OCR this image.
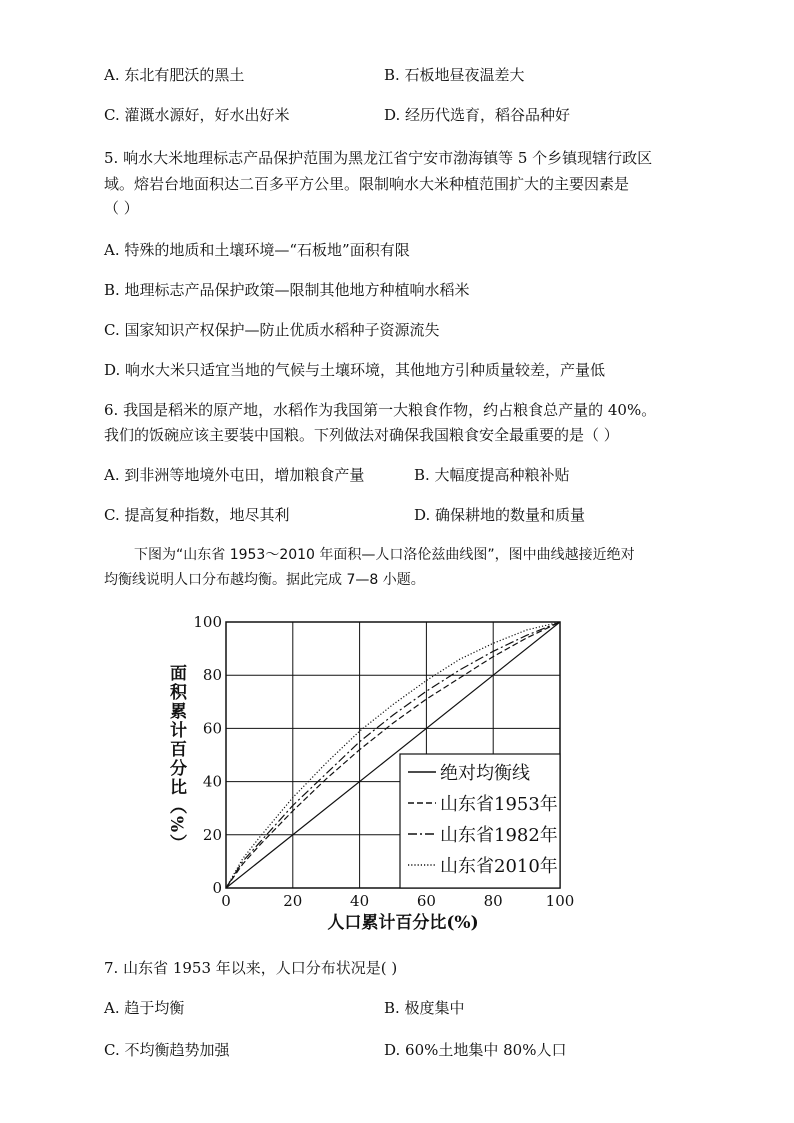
A. 东北有肥沃的黑土	B. 石板地昼夜温差大
C. 灌溉水源好，好水出好米	D. 经历代选育，稻谷品种好
5. 响水大米地理标志产品保护范围为黑龙江省宁安市渤海镇等 5 个乡镇现辖行政区
域。熔岩台地面积达二百多平方公里。限制响水大米种植范围扩大的主要因素是
（ ）
A. 特殊的地质和土壤环境—“石板地”面积有限
B. 地理标志产品保护政策—限制其他地方种植响水稻米
C. 国家知识产权保护—防止优质水稻种子资源流失
D. 响水大米只适宜当地的气候与土壤环境，其他地方引种质量较差，产量低
6. 我国是稻米的原产地，水稻作为我国第一大粮食作物，约占粮食总产量的 40%。
我们的饭碗应该主要装中国粮。下列做法对确保我国粮食安全最重要的是（ ）
A. 到非洲等地境外屯田，增加粮食产量	B. 大幅度提高种粮补贴
C. 提高复种指数，地尽其利	D. 确保耕地的数量和质量
下图为“山东省 1953～2010 年面积—人口洛伦兹曲线图”，图中曲线越接近绝对
均衡线说明人口分布越均衡。据此完成 7—8 小题。
0	20	40	60	80	100
0
20
40
60
80
100
人口累计百分比(%)
面积累计百分比（%）	绝对均衡线
山东省1953年
山东省1982年
山东省2010年
7. 山东省 1953 年以来，人口分布状况是( )
A. 趋于均衡	B. 极度集中
C. 不均衡趋势加强	D. 60%土地集中 80%人口
